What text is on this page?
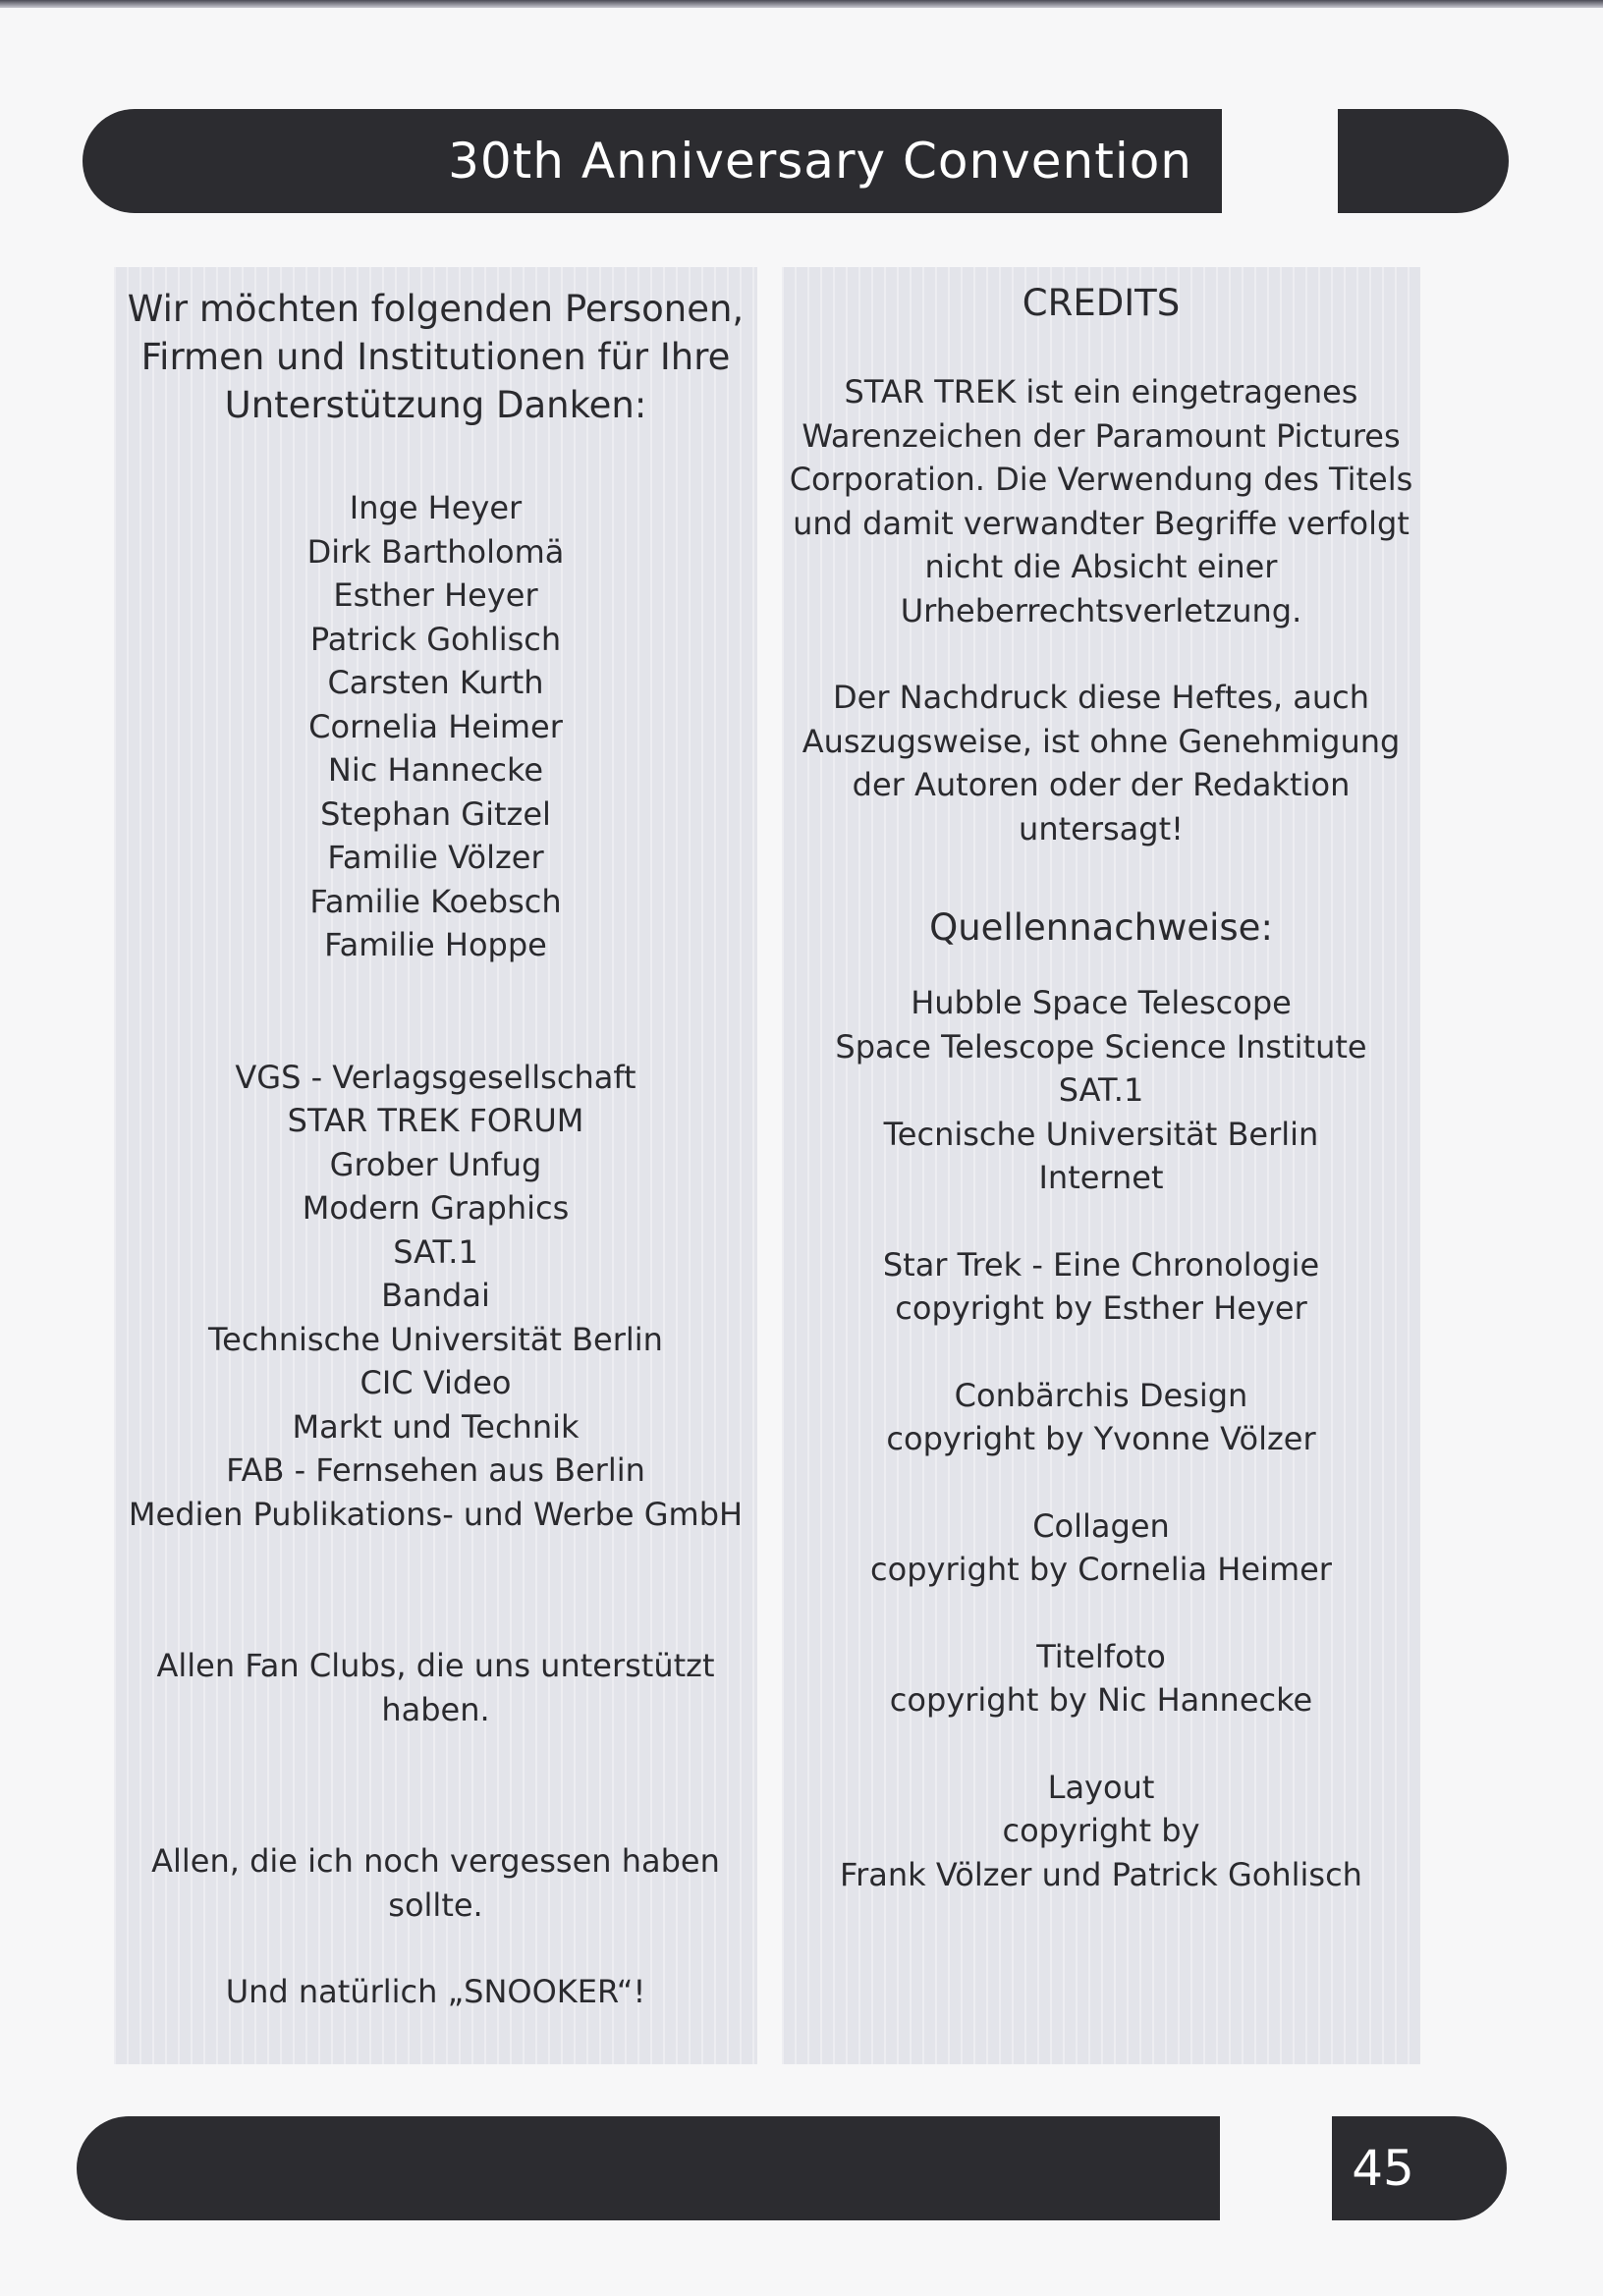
30th Anniversary Convention

Wir möchten folgenden Personen,

Firmen und Institutionen für Ihre

Unterstützung Danken:

Inge Heyer

Dirk Bartholomä

Esther Heyer

Patrick Gohlisch

Carsten Kurth

Cornelia Heimer

Nic Hannecke

Stephan Gitzel

Familie Völzer

Familie Koebsch

Familie Hoppe

VGS - Verlagsgesellschaft

STAR TREK FORUM

Grober Unfug

Modern Graphics

SAT.1

Bandai

Technische Universität Berlin

CIC Video

Markt und Technik

FAB - Fernsehen aus Berlin

Medien Publikations- und Werbe GmbH

Allen Fan Clubs, die uns unterstützt

haben.

Allen, die ich noch vergessen haben

sollte.

Und natürlich „SNOOKER“!

CREDITS

STAR TREK ist ein eingetragenes

Warenzeichen der Paramount Pictures

Corporation. Die Verwendung des Titels

und damit verwandter Begriffe verfolgt

nicht die Absicht einer

Urheberrechtsverletzung.

Der Nachdruck diese Heftes, auch

Auszugsweise, ist ohne Genehmigung

der Autoren oder der Redaktion

untersagt!

Quellennachweise:

Hubble Space Telescope

Space Telescope Science Institute

SAT.1

Tecnische Universität Berlin

Internet

Star Trek - Eine Chronologie

copyright by Esther Heyer

Conbärchis Design

copyright by Yvonne Völzer

Collagen

copyright by Cornelia Heimer

Titelfoto

copyright by Nic Hannecke

Layout

copyright by

Frank Völzer und Patrick Gohlisch

45
